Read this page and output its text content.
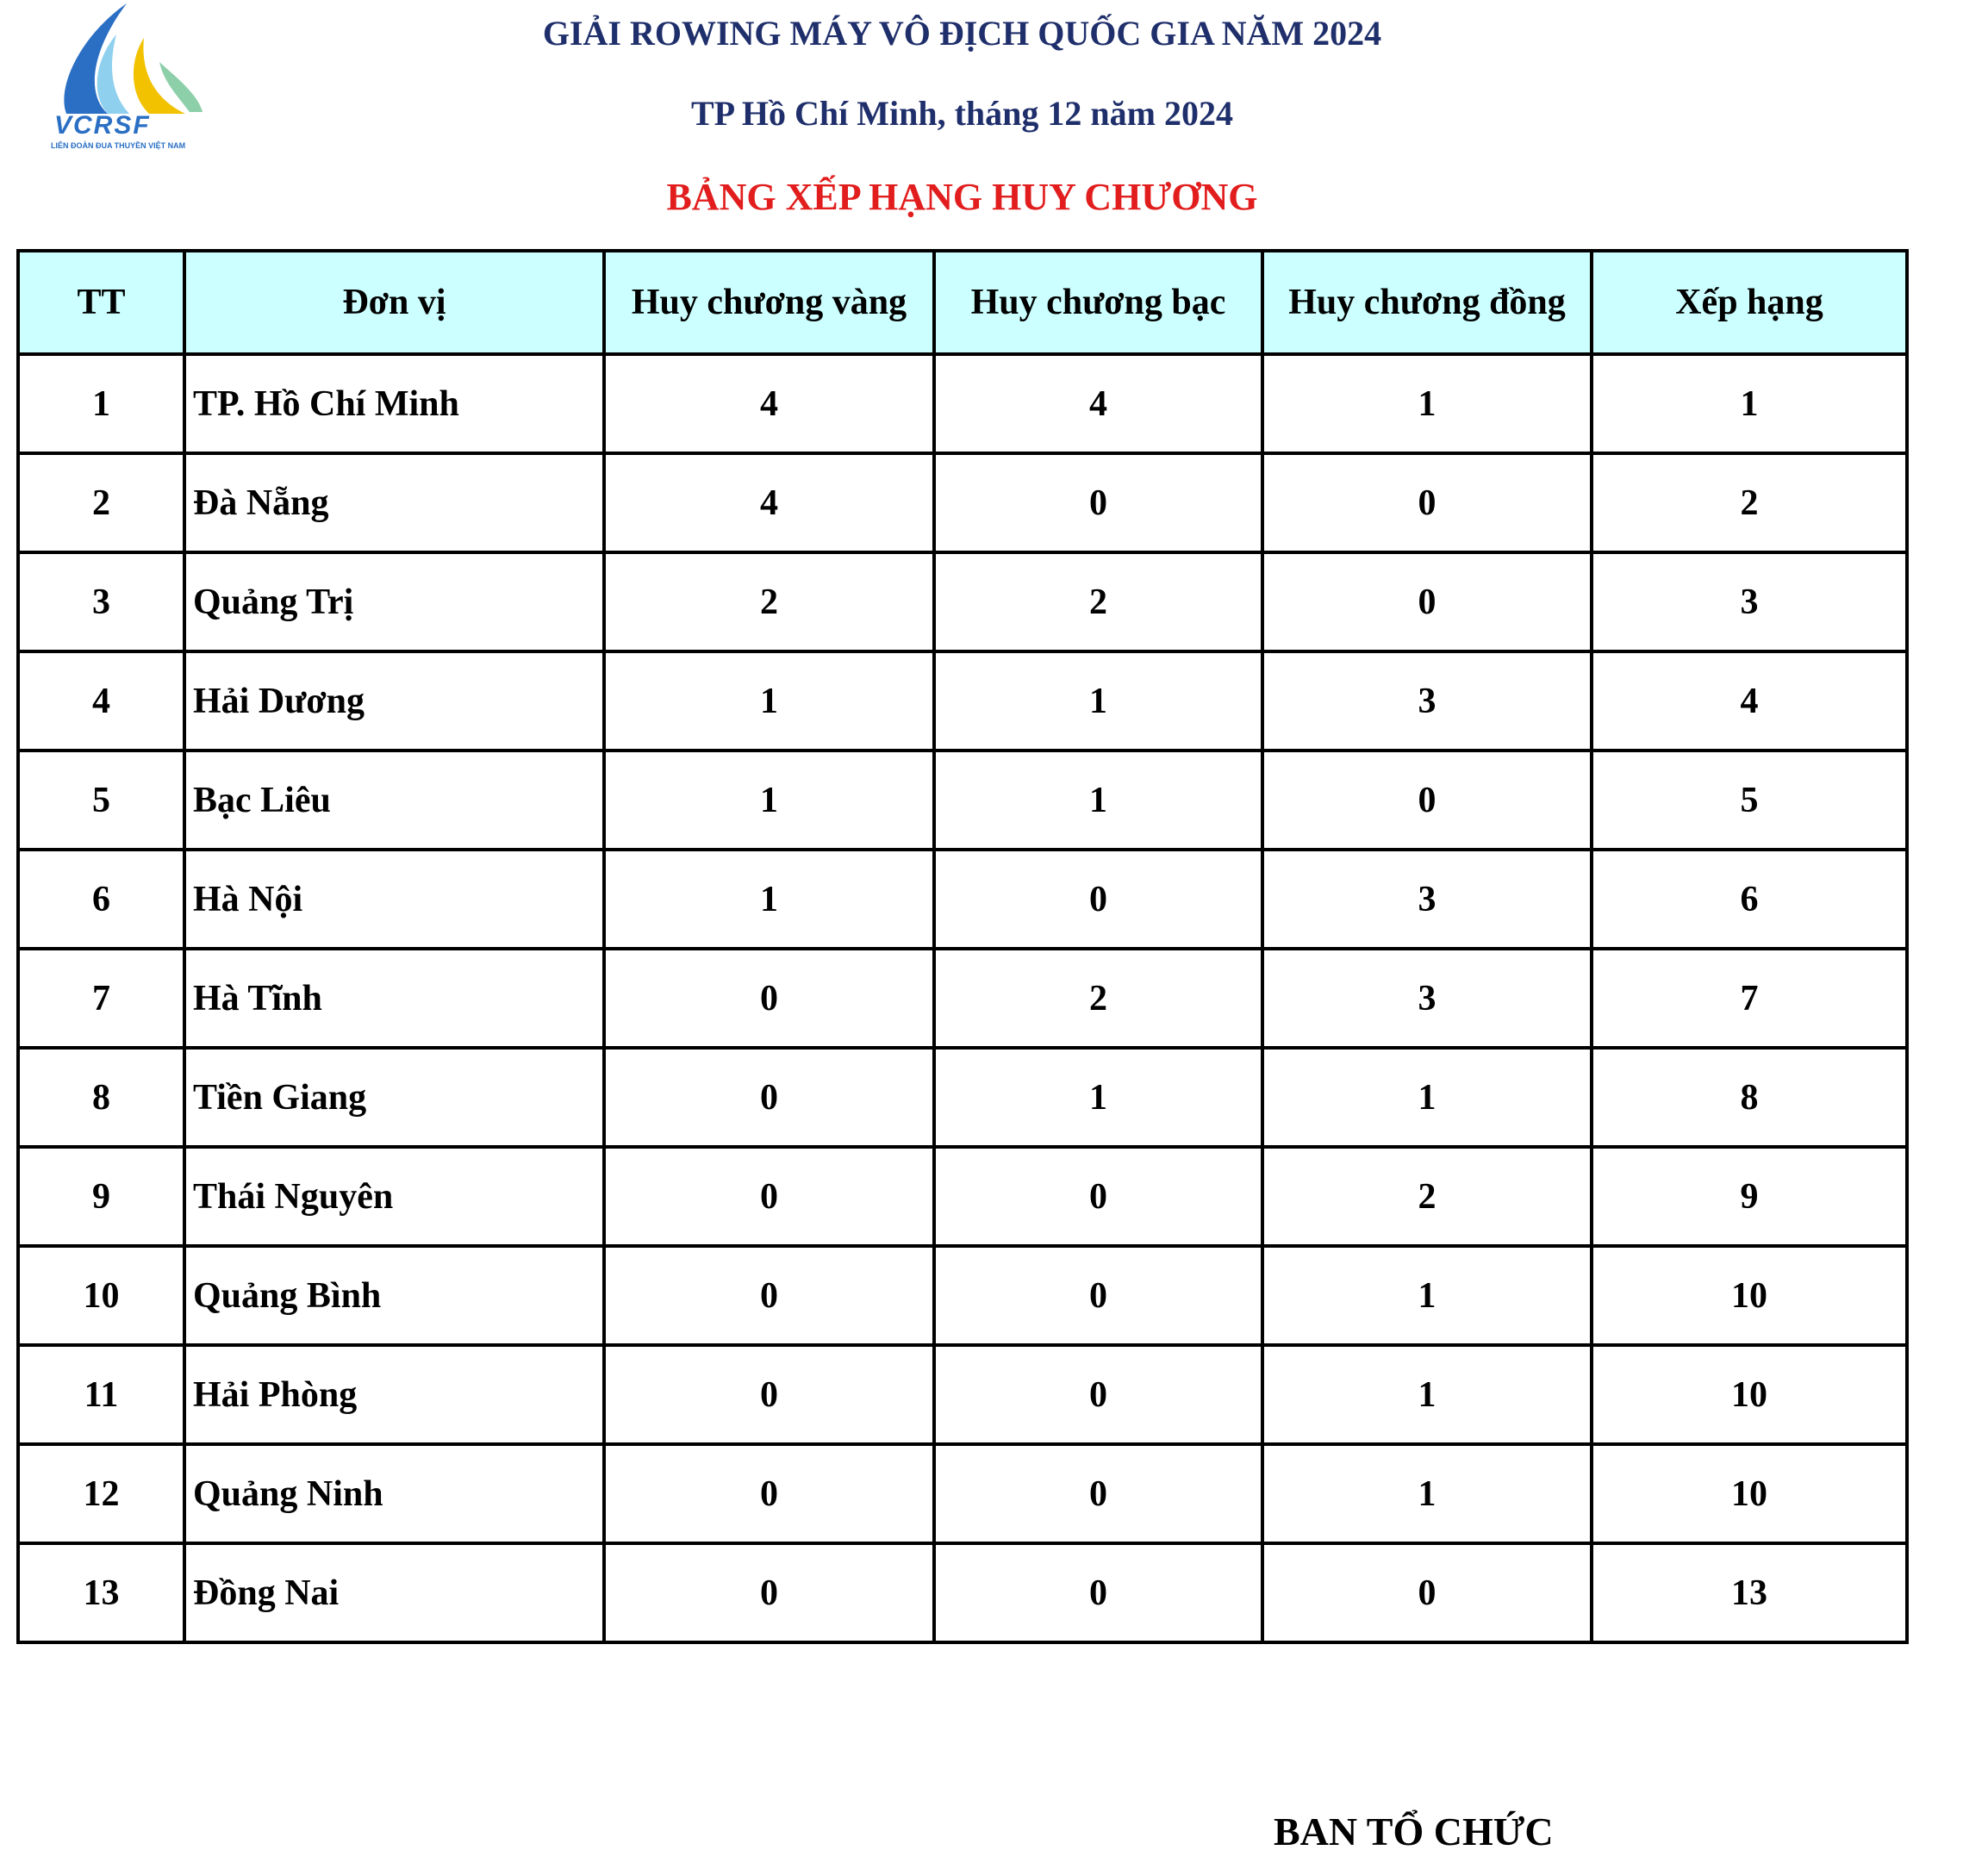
VCRSF
LIÊN ĐOÀN ĐUA THUYỀN VIỆT NAM
GIẢI ROWING MÁY VÔ ĐỊCH QUỐC GIA NĂM 2024
TP Hồ Chí Minh, tháng 12 năm 2024
BẢNG XẾP HẠNG HUY CHƯƠNG
TT	Đơn vị	Huy chương vàng	Huy chương bạc	Huy chương đồng	Xếp hạng
1	TP. Hồ Chí Minh	4	4	1	1
2	Đà Nẵng	4	0	0	2
3	Quảng Trị	2	2	0	3
4	Hải Dương	1	1	3	4
5	Bạc Liêu	1	1	0	5
6	Hà Nội	1	0	3	6
7	Hà Tĩnh	0	2	3	7
8	Tiền Giang	0	1	1	8
9	Thái Nguyên	0	0	2	9
10	Quảng Bình	0	0	1	10
11	Hải Phòng	0	0	1	10
12	Quảng Ninh	0	0	1	10
13	Đồng Nai	0	0	0	13
BAN TỔ CHỨC
